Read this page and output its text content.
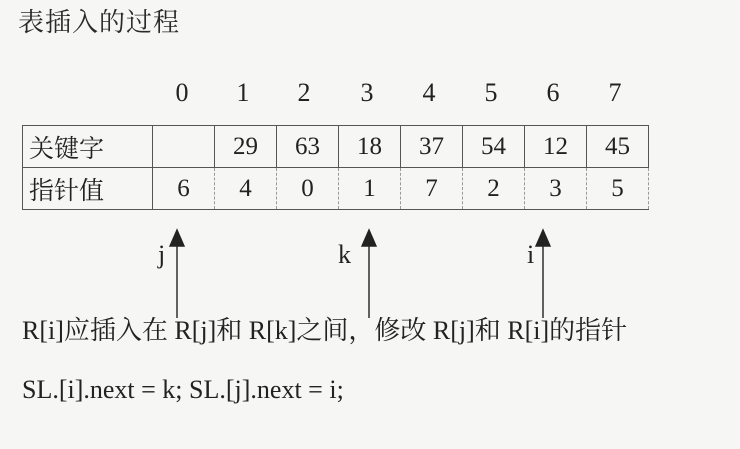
表插入的过程
0	1	2	3	4	5	6	7
关键字		29	63	18	37	54	12	45
指针值	6	4	0	1	7	2	3	5
j	k	i
R[i]应插入在 R[j]和 R[k]之间，修改 R[j]和 R[i]的指针
SL.[i].next = k; SL.[j].next = i;
